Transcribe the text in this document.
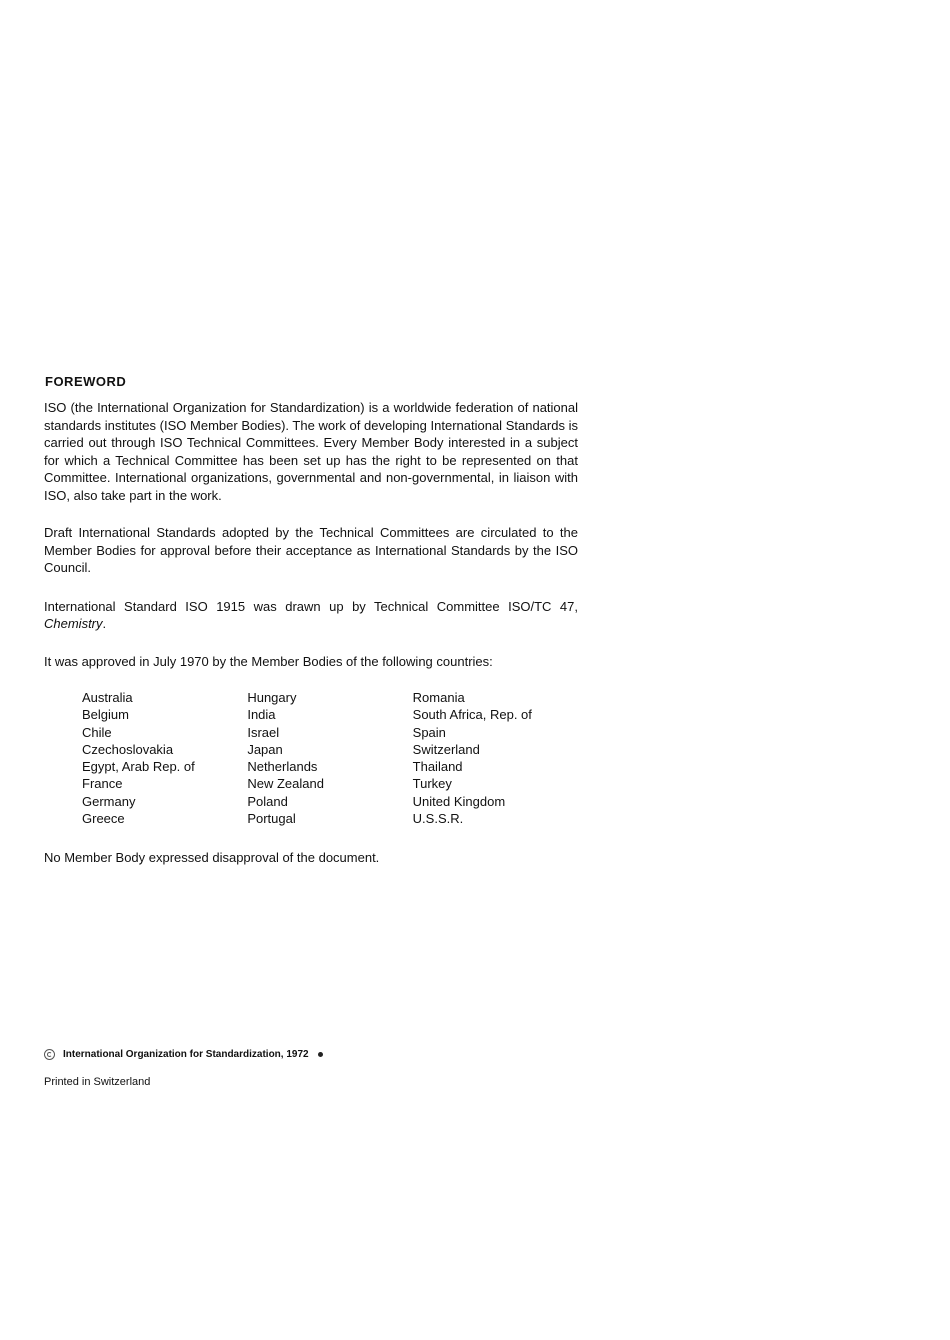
FOREWORD

ISO (the International Organization for Standardization) is a worldwide federation of national standards institutes (ISO Member Bodies). The work of developing International Standards is carried out through ISO Technical Committees. Every Member Body interested in a subject for which a Technical Committee has been set up has the right to be represented on that Committee. International organizations, governmental and non-governmental, in liaison with ISO, also take part in the work.

Draft International Standards adopted by the Technical Committees are circulated to the Member Bodies for approval before their acceptance as International Standards by the ISO Council.

International Standard ISO 1915 was drawn up by Technical Committee ISO/TC 47, Chemistry.

It was approved in July 1970 by the Member Bodies of the following countries:

Australia
Belgium
Chile
Czechoslovakia
Egypt, Arab Rep. of
France
Germany
Greece
Hungary
India
Israel
Japan
Netherlands
New Zealand
Poland
Portugal
Romania
South Africa, Rep. of
Spain
Switzerland
Thailand
Turkey
United Kingdom
U.S.S.R.

No Member Body expressed disapproval of the document.

International Organization for Standardization, 1972
Printed in Switzerland
